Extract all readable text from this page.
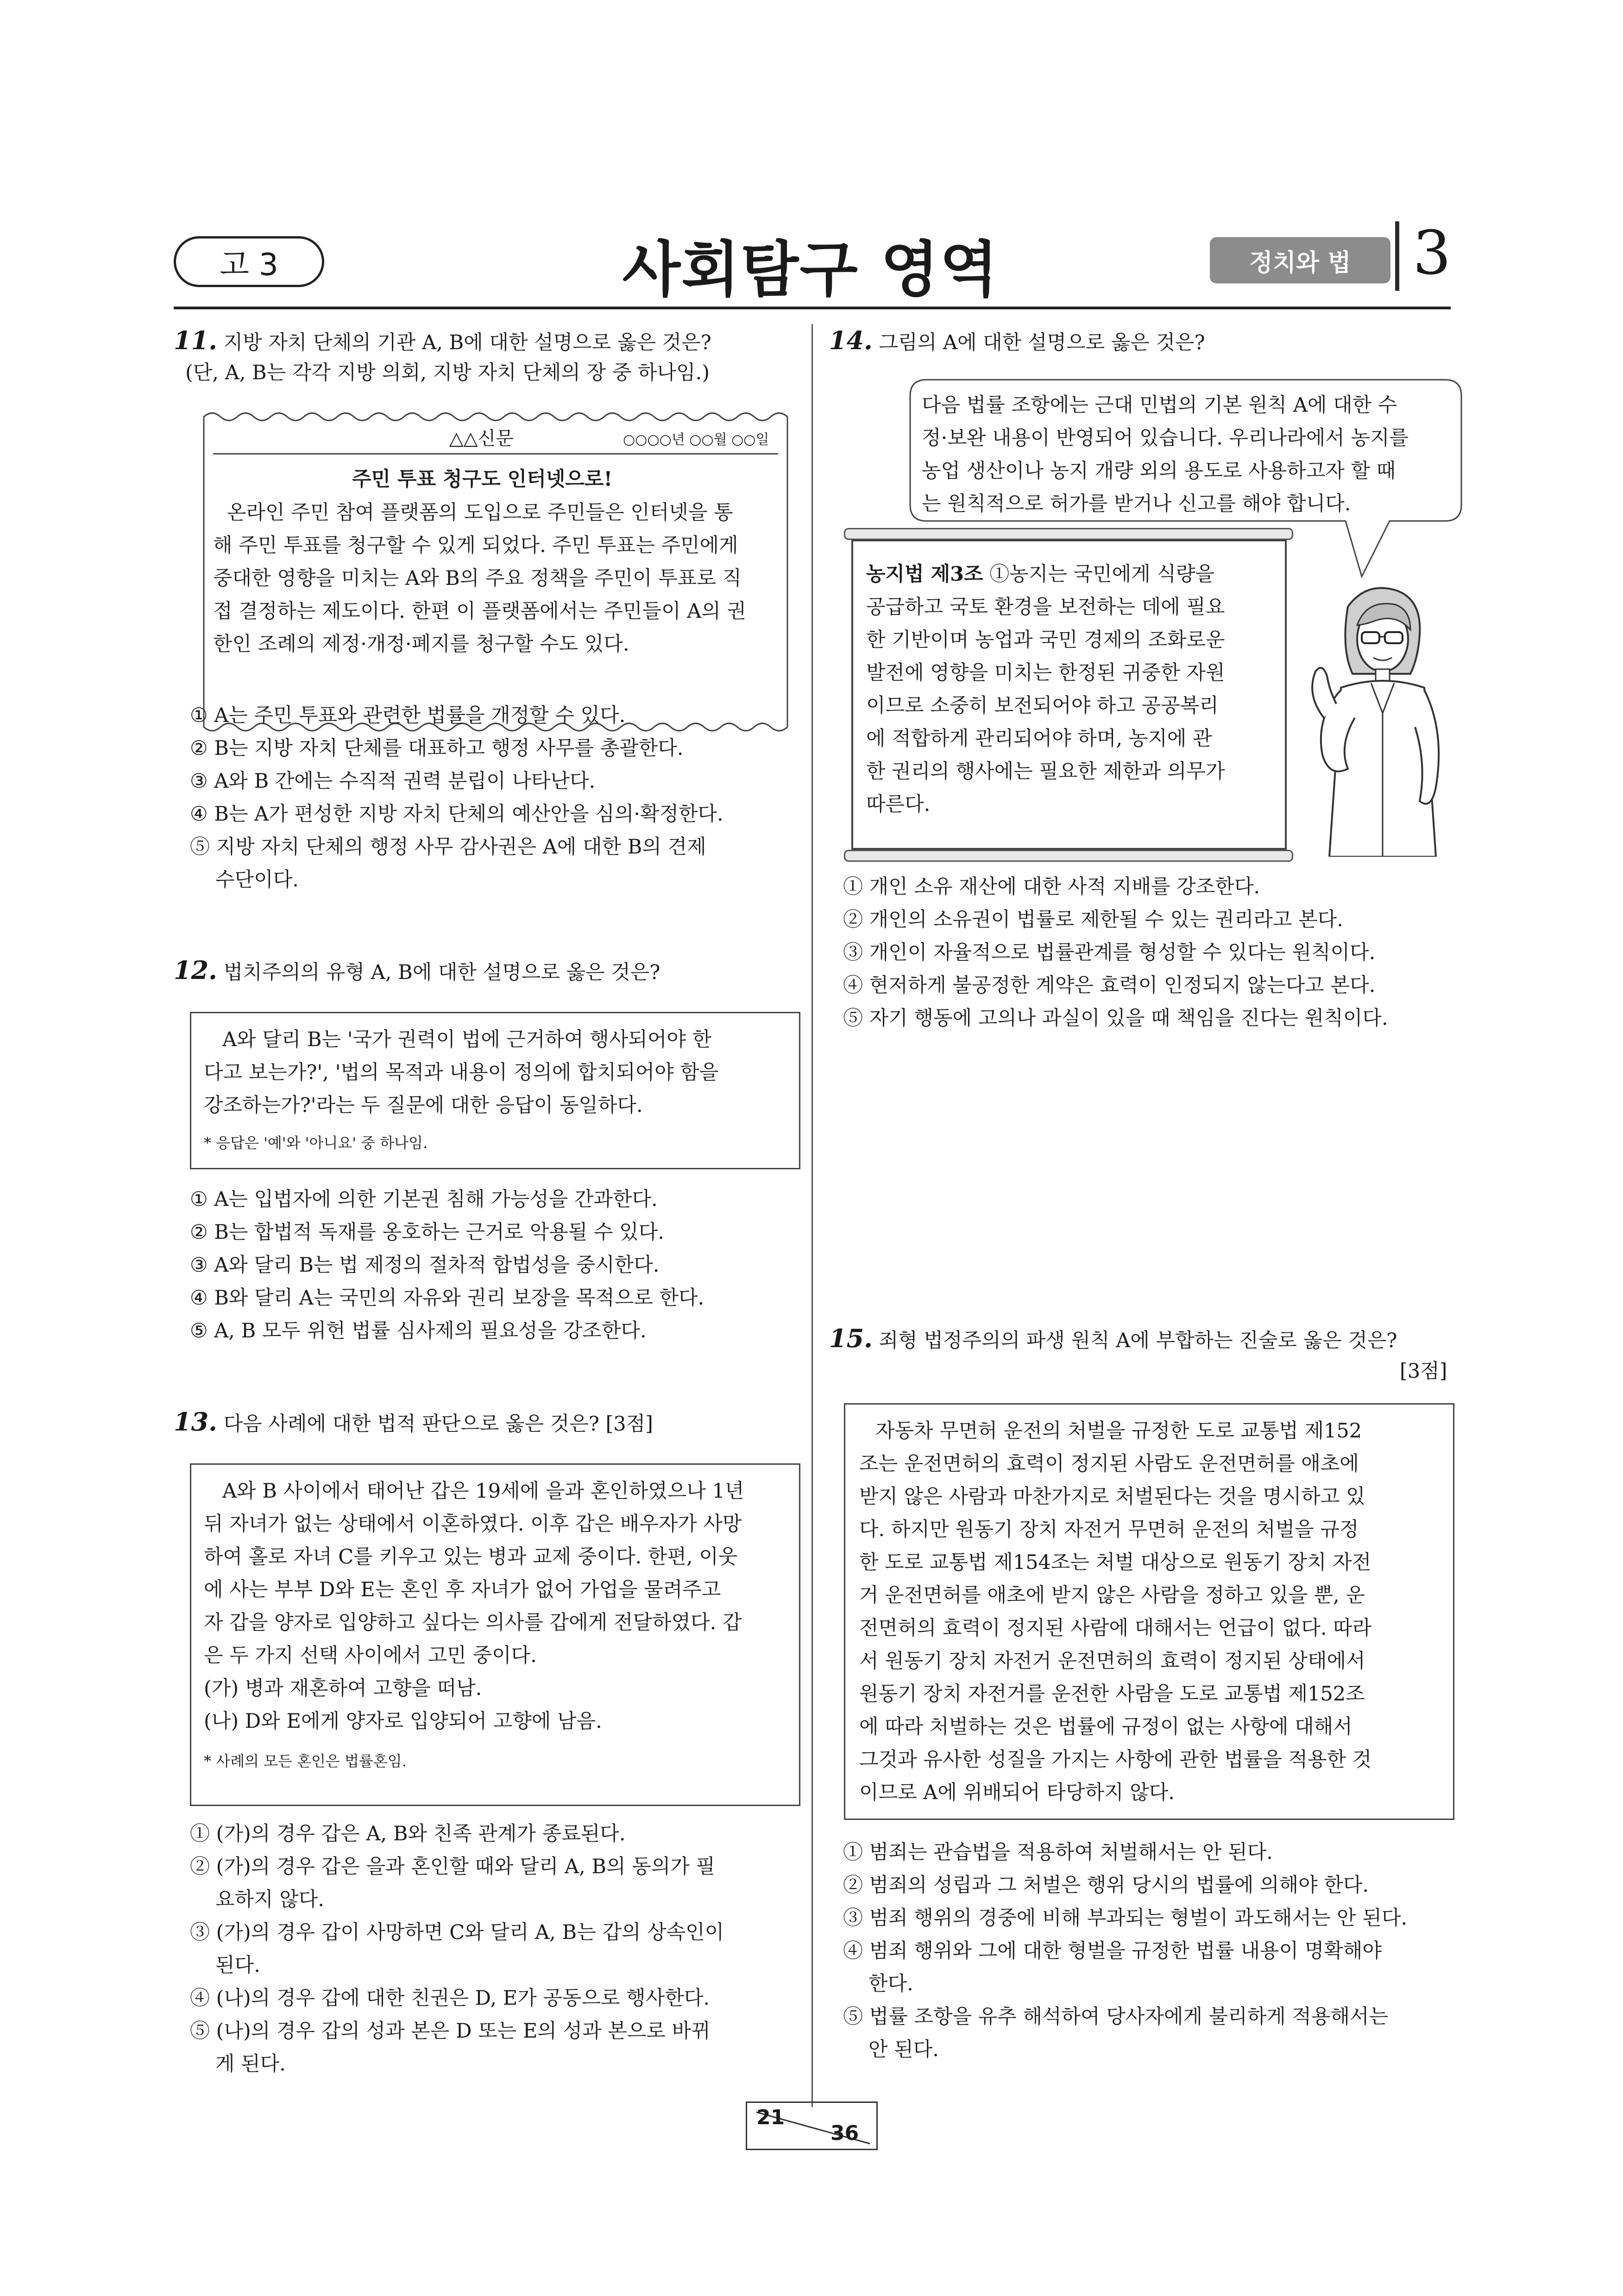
고 3	사회탐구 영역	정치와 법	3
11. 지방 자치 단체의 기관 A, B에 대한 설명으로 옳은 것은?
(단, A, B는 각각 지방 의회, 지방 자치 단체의 장 중 하나임.)
△△신문	○○○○년 ○○월 ○○일
주민 투표 청구도 인터넷으로!
온라인 주민 참여 플랫폼의 도입으로 주민들은 인터넷을 통
해 주민 투표를 청구할 수 있게 되었다. 주민 투표는 주민에게
중대한 영향을 미치는 A와 B의 주요 정책을 주민이 투표로 직
접 결정하는 제도이다. 한편 이 플랫폼에서는 주민들이 A의 권
한인 조례의 제정·개정·폐지를 청구할 수도 있다.
① A는 주민 투표와 관련한 법률을 개정할 수 있다.
② B는 지방 자치 단체를 대표하고 행정 사무를 총괄한다.
③ A와 B 간에는 수직적 권력 분립이 나타난다.
④ B는 A가 편성한 지방 자치 단체의 예산안을 심의·확정한다.
⑤ 지방 자치 단체의 행정 사무 감사권은 A에 대한 B의 견제
수단이다.
12. 법치주의의 유형 A, B에 대한 설명으로 옳은 것은?
A와 달리 B는 '국가 권력이 법에 근거하여 행사되어야 한
다고 보는가?', '법의 목적과 내용이 정의에 합치되어야 함을
강조하는가?'라는 두 질문에 대한 응답이 동일하다.
* 응답은 '예'와 '아니요' 중 하나임.
① A는 입법자에 의한 기본권 침해 가능성을 간과한다.
② B는 합법적 독재를 옹호하는 근거로 악용될 수 있다.
③ A와 달리 B는 법 제정의 절차적 합법성을 중시한다.
④ B와 달리 A는 국민의 자유와 권리 보장을 목적으로 한다.
⑤ A, B 모두 위헌 법률 심사제의 필요성을 강조한다.
13. 다음 사례에 대한 법적 판단으로 옳은 것은? [3점]
A와 B 사이에서 태어난 갑은 19세에 을과 혼인하였으나 1년
뒤 자녀가 없는 상태에서 이혼하였다. 이후 갑은 배우자가 사망
하여 홀로 자녀 C를 키우고 있는 병과 교제 중이다. 한편, 이웃
에 사는 부부 D와 E는 혼인 후 자녀가 없어 가업을 물려주고
자 갑을 양자로 입양하고 싶다는 의사를 갑에게 전달하였다. 갑
은 두 가지 선택 사이에서 고민 중이다.
(가) 병과 재혼하여 고향을 떠남.
(나) D와 E에게 양자로 입양되어 고향에 남음.
* 사례의 모든 혼인은 법률혼임.
① (가)의 경우 갑은 A, B와 친족 관계가 종료된다.
② (가)의 경우 갑은 을과 혼인할 때와 달리 A, B의 동의가 필
요하지 않다.
③ (가)의 경우 갑이 사망하면 C와 달리 A, B는 갑의 상속인이
된다.
④ (나)의 경우 갑에 대한 친권은 D, E가 공동으로 행사한다.
⑤ (나)의 경우 갑의 성과 본은 D 또는 E의 성과 본으로 바뀌
게 된다.
14. 그림의 A에 대한 설명으로 옳은 것은?
다음 법률 조항에는 근대 민법의 기본 원칙 A에 대한 수
정·보완 내용이 반영되어 있습니다. 우리나라에서 농지를
농업 생산이나 농지 개량 외의 용도로 사용하고자 할 때
는 원칙적으로 허가를 받거나 신고를 해야 합니다.
농지법 제3조 ①농지는 국민에게 식량을
공급하고 국토 환경을 보전하는 데에 필요
한 기반이며 농업과 국민 경제의 조화로운
발전에 영향을 미치는 한정된 귀중한 자원
이므로 소중히 보전되어야 하고 공공복리
에 적합하게 관리되어야 하며, 농지에 관
한 권리의 행사에는 필요한 제한과 의무가
따른다.
① 개인 소유 재산에 대한 사적 지배를 강조한다.
② 개인의 소유권이 법률로 제한될 수 있는 권리라고 본다.
③ 개인이 자율적으로 법률관계를 형성할 수 있다는 원칙이다.
④ 현저하게 불공정한 계약은 효력이 인정되지 않는다고 본다.
⑤ 자기 행동에 고의나 과실이 있을 때 책임을 진다는 원칙이다.
15. 죄형 법정주의의 파생 원칙 A에 부합하는 진술로 옳은 것은?
[3점]
자동차 무면허 운전의 처벌을 규정한 도로 교통법 제152
조는 운전면허의 효력이 정지된 사람도 운전면허를 애초에
받지 않은 사람과 마찬가지로 처벌된다는 것을 명시하고 있
다. 하지만 원동기 장치 자전거 무면허 운전의 처벌을 규정
한 도로 교통법 제154조는 처벌 대상으로 원동기 장치 자전
거 운전면허를 애초에 받지 않은 사람을 정하고 있을 뿐, 운
전면허의 효력이 정지된 사람에 대해서는 언급이 없다. 따라
서 원동기 장치 자전거 운전면허의 효력이 정지된 상태에서
원동기 장치 자전거를 운전한 사람을 도로 교통법 제152조
에 따라 처벌하는 것은 법률에 규정이 없는 사항에 대해서
그것과 유사한 성질을 가지는 사항에 관한 법률을 적용한 것
이므로 A에 위배되어 타당하지 않다.
① 범죄는 관습법을 적용하여 처벌해서는 안 된다.
② 범죄의 성립과 그 처벌은 행위 당시의 법률에 의해야 한다.
③ 범죄 행위의 경중에 비해 부과되는 형벌이 과도해서는 안 된다.
④ 범죄 행위와 그에 대한 형벌을 규정한 법률 내용이 명확해야
한다.
⑤ 법률 조항을 유추 해석하여 당사자에게 불리하게 적용해서는
안 된다.
21
36
